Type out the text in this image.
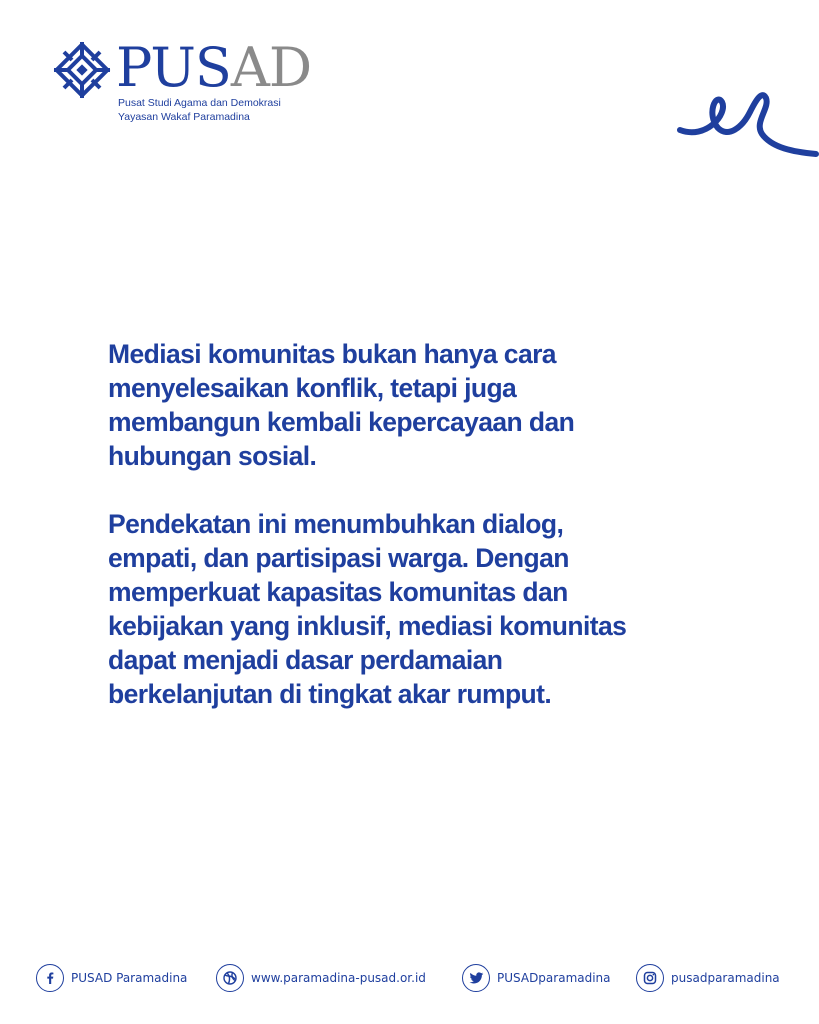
PUSAD
Pusat Studi Agama dan Demokrasi
Yayasan Wakaf Paramadina

Mediasi komunitas bukan hanya cara
menyelesaikan konflik, tetapi juga
membangun kembali kepercayaan dan
hubungan sosial.

Pendekatan ini menumbuhkan dialog,
empati, dan partisipasi warga. Dengan
memperkuat kapasitas komunitas dan
kebijakan yang inklusif, mediasi komunitas
dapat menjadi dasar perdamaian
berkelanjutan di tingkat akar rumput.

PUSAD Paramadina	www.paramadina-pusad.or.id	PUSADparamadina	pusadparamadina
